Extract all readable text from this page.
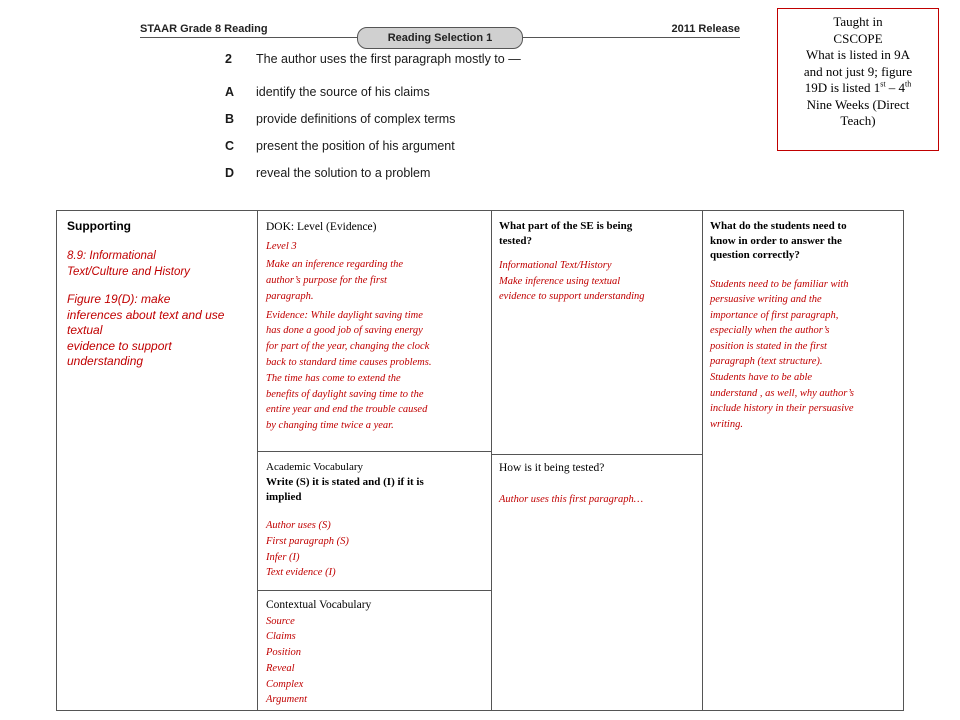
STAAR Grade 8 Reading
Reading Selection 1
2011 Release
2 The author uses the first paragraph mostly to —
A identify the source of his claims
B provide definitions of complex terms
C present the position of his argument
D reveal the solution to a problem
Taught in
CSCOPE
What is listed in 9A
and not just 9; figure
19D is listed 1st – 4th
Nine Weeks (Direct
Teach)
Supporting
8.9: Informational
Text/Culture and History
Figure 19(D): make
inferences about text and use
textual
evidence to support
understanding
DOK: Level (Evidence)
Level 3
Make an inference regarding the
author’s purpose for the first
paragraph.
Evidence: While daylight saving time
has done a good job of saving energy
for part of the year, changing the clock
back to standard time causes problems.
The time has come to extend the
benefits of daylight saving time to the
entire year and end the trouble caused
by changing time twice a year.
What part of the SE is being
tested?
Informational Text/History
Make inference using textual
evidence to support understanding
What do the students need to
know in order to answer the
question correctly?
Students need to be familiar with
persuasive writing and the
importance of first paragraph,
especially when the author’s
position is stated in the first
paragraph (text structure).
Students have to be able
understand , as well, why author’s
include history in their persuasive
writing.
Academic Vocabulary
Write (S) it is stated and (I) if it is
implied
Author uses (S)
First paragraph (S)
Infer (I)
Text evidence (I)
How is it being tested?
Author uses this first paragraph…
Contextual Vocabulary
Source
Claims
Position
Reveal
Complex
Argument
